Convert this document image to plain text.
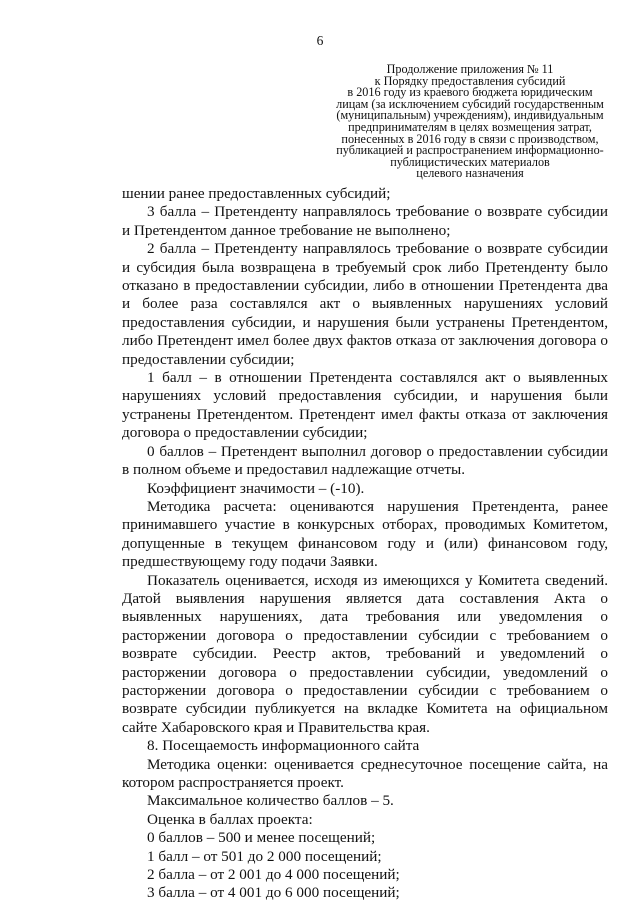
6
Продолжение приложения № 11
к Порядку предоставления субсидий
в 2016 году из краевого бюджета юридическим
лицам (за исключением субсидий государственным
(муниципальным) учреждениям), индивидуальным
предпринимателям в целях возмещения затрат,
понесенных в 2016 году в связи с производством,
публикацией и распространением информационно-
публицистических материалов
целевого назначения

шении ранее предоставленных субсидий;

3 балла – Претенденту направлялось требование о возврате субсидии и Претендентом данное требование не выполнено;

2 балла – Претенденту направлялось требование о возврате субсидии и субсидия была возвращена в требуемый срок либо Претенденту было отказано в предоставлении субсидии, либо в отношении Претендента два и более раза составлялся акт о выявленных нарушениях условий предоставления субсидии, и нарушения были устранены Претендентом, либо Претендент имел более двух фактов отказа от заключения договора о предоставлении субсидии;

1 балл – в отношении Претендента составлялся акт о выявленных нарушениях условий предоставления субсидии, и нарушения были устранены Претендентом. Претендент имел факты отказа от заключения договора о предоставлении субсидии;

0 баллов – Претендент выполнил договор о предоставлении субсидии в полном объеме и предоставил надлежащие отчеты.

Коэффициент значимости – (-10).

Методика расчета: оцениваются нарушения Претендента, ранее принимавшего участие в конкурсных отборах, проводимых Комитетом, допущенные в текущем финансовом году и (или) финансовом году, предшествующему году подачи Заявки.

Показатель оценивается, исходя из имеющихся у Комитета сведений. Датой выявления нарушения является дата составления Акта о выявленных нарушениях, дата требования или уведомления о расторжении договора о предоставлении субсидии с требованием о возврате субсидии. Реестр актов, требований и уведомлений о расторжении договора о предоставлении субсидии, уведомлений о расторжении договора о предоставлении субсидии с требованием о возврате субсидии публикуется на вкладке Комитета на официальном сайте Хабаровского края и Правительства края.

8. Посещаемость информационного сайта

Методика оценки: оценивается среднесуточное посещение сайта, на котором распространяется проект.

Максимальное количество баллов – 5.

Оценка в баллах проекта:

0 баллов – 500 и менее посещений;

1 балл – от 501 до 2 000 посещений;

2 балла – от 2 001 до 4 000 посещений;

3 балла – от 4 001 до 6 000 посещений;
